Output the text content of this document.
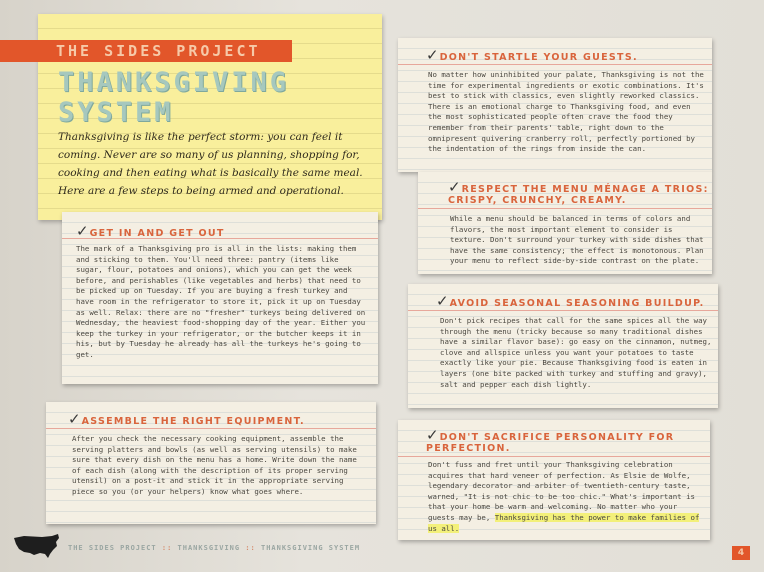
THE SIDES PROJECT
THANKSGIVING
SYSTEM
Thanksgiving is like the perfect storm: you can feel it coming. Never are so many of us planning, shopping for, cooking and then eating what is basically the same meal. Here are a few steps to being armed and operational.
✓GET IN AND GET OUT

The mark of a Thanksgiving pro is all in the lists: making them and sticking to them. You'll need three: pantry (items like sugar, flour, potatoes and onions), which you can get the week before, and perishables (like vegetables and herbs) that need to be picked up on Tuesday. If you are buying a fresh turkey and have room in the refrigerator to store it, pick it up on Tuesday as well. Relax: there are no "fresher" turkeys being delivered on Wednesday, the heaviest food-shopping day of the year. Either you keep the turkey in your refrigerator, or the butcher keeps it in his, but by Tuesday he already has all the turkeys he's going to get.

✓ASSEMBLE THE RIGHT EQUIPMENT.

After you check the necessary cooking equipment, assemble the serving platters and bowls (as well as serving utensils) to make sure that every dish on the menu has a home. Write down the name of each dish (along with the description of its proper serving utensil) on a post-it and stick it in the appropriate serving piece so you (or your helpers) know what goes where.

✓DON'T STARTLE YOUR GUESTS.

No matter how uninhibited your palate, Thanksgiving is not the time for experimental ingredients or exotic combinations. It's best to stick with classics, even slightly reworked classics. There is an emotional charge to Thanksgiving food, and even the most sophisticated people often crave the food they remember from their parents' table, right down to the omnipresent quivering cranberry roll, perfectly portioned by the indentation of the rings from inside the can.

✓RESPECT THE MENU MÉNAGE A TRIOS:
CRISPY, CRUNCHY, CREAMY.

While a menu should be balanced in terms of colors and flavors, the most important element to consider is texture. Don't surround your turkey with side dishes that have the same consistency; the effect is monotonous. Plan your menu to reflect side-by-side contrast on the plate.

✓AVOID SEASONAL SEASONING BUILDUP.

Don't pick recipes that call for the same spices all the way through the menu (tricky because so many traditional dishes have a similar flavor base): go easy on the cinnamon, nutmeg, clove and allspice unless you want your potatoes to taste exactly like your pie. Because Thanksgiving food is eaten in layers (one bite packed with turkey and stuffing and gravy), salt and pepper each dish lightly.

✓DON'T SACRIFICE PERSONALITY FOR
PERFECTION.

Don't fuss and fret until your Thanksgiving celebration acquires that hard veneer of perfection. As Elsie de Wolfe, legendary decorator and arbiter of twentieth-century taste, warned, "It is not chic to be too chic." What's important is that your home be warm and welcoming. No matter who your guests may be, Thanksgiving has the power to make families of us all.

THE SIDES PROJECT :: THANKSGIVING :: THANKSGIVING SYSTEM	4
